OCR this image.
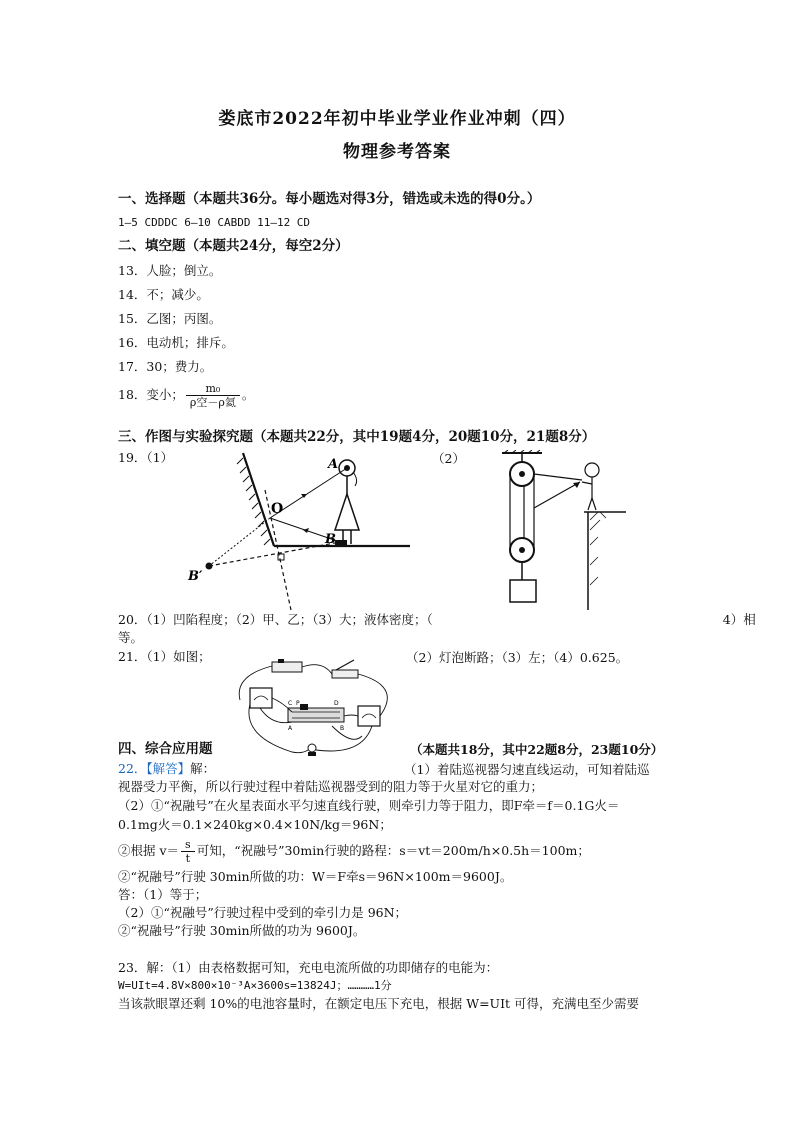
娄底市2022年初中毕业学业作业冲刺（四）
物理参考答案
一、选择题（本题共36分。每小题选对得3分，错选或未选的得0分。）
1—5 CDDDC 6—10 CABDD 11—12 CD
二、填空题（本题共24分，每空2分）
13．人脸；倒立。
14．不；减少。
15．乙图；丙图。
16．电动机；排斥。
17．30；费力。
18．变小； $\frac{\text{m₀}}{\text{ρ空－ρ氦}}$ 。
三、作图与实验探究题（本题共22分，其中19题4分，20题10分，21题8分）
19．（1）	（2）
A
O
B
B′
20．（1）凹陷程度；（2）甲、乙；（3）大；液体密度；（	4）相
等。
21．（1）如图；	（2）灯泡断路；（3）左；（4）0.625。
C P	D
A	B
四、综合应用题	（本题共18分，其中22题8分，23题10分）
22．【解答】解：	（1）着陆巡视器匀速直线运动，可知着陆巡
视器受力平衡，所以行驶过程中着陆巡视器受到的阻力等于火星对它的重力；
（2）①“祝融号”在火星表面水平匀速直线行驶，则牵引力等于阻力，即F牵＝f＝0.1G火＝
0.1mg火＝0.1×240kg×0.4×10N/kg＝96N；
②根据 $v= \frac{s}{t}$ 可知，“祝融号”30min行驶的路程：s＝vt＝200m/h×0.5h＝100m；
②“祝融号”行驶 30min所做的功：W＝F牵s＝96N×100m＝9600J。
答：（1）等于；
（2）①“祝融号”行驶过程中受到的牵引力是 96N；
②“祝融号”行驶 30min所做的功为 9600J。
23．解：（1）由表格数据可知，充电电流所做的功即储存的电能为：
W=UIt=4.8V×800×10⁻³A×3600s=13824J；…………1分
当该款眼罩还剩 10%的电池容量时，在额定电压下充电，根据 W=UIt 可得，充满电至少需要
